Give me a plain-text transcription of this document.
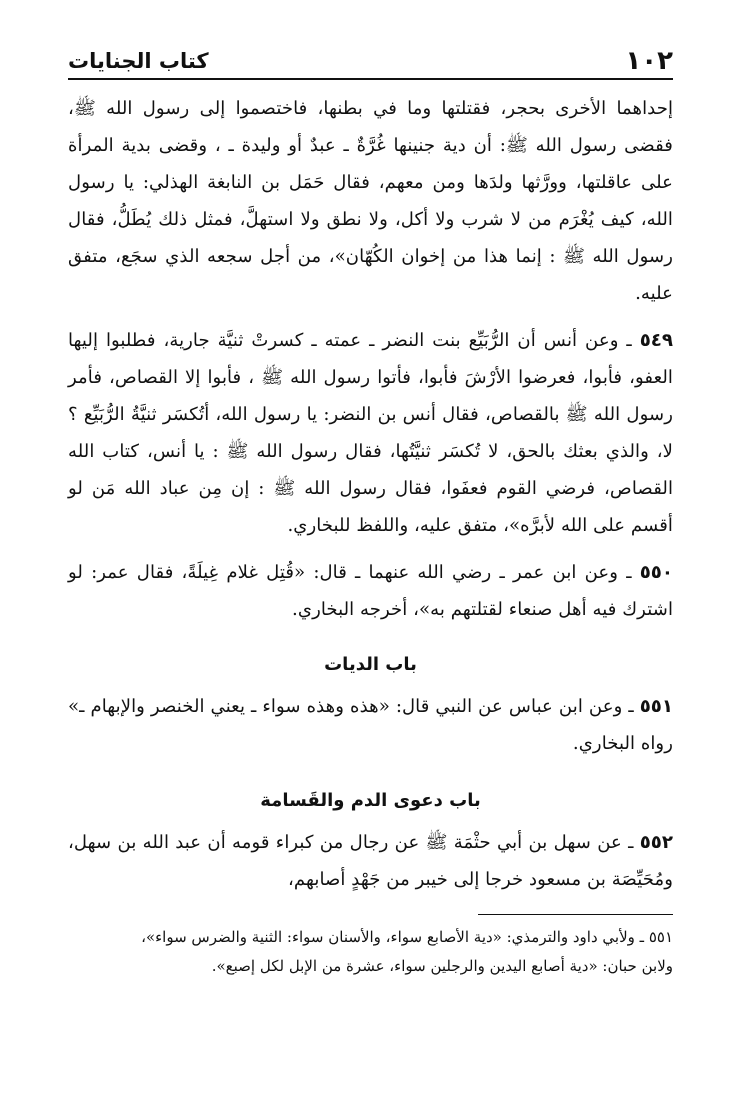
١٠٢
كتاب الجنايات

إحداهما الأخرى بحجر، فقتلتها وما في بطنها، فاختصموا إلى رسول الله ﷺ، فقضى رسول الله ﷺ: أن دية جنينها غُرَّةٌ ـ عبدٌ أو وليدة ـ ، وقضى بدية المرأة على عاقلتها، وورَّثها ولدَها ومن معهم، فقال حَمَل بن النابغة الهذلي: يا رسول الله، كيف يُغْرَم من لا شرب ولا أكل، ولا نطق ولا استهلَّ، فمثل ذلك يُطَلُّ، فقال رسول الله ﷺ : إنما هذا من إخوان الكُهّان»، من أجل سجعه الذي سجَع، متفق عليه.

٥٤٩ ـ وعن أنس أن الرُّبَيِّع بنت النضر ـ عمته ـ كسرتْ ثنيَّة جارية، فطلبوا إليها العفو، فأبوا، فعرضوا الأرْشَ فأبوا، فأتوا رسول الله ﷺ ، فأبوا إلا القصاص، فأمر رسول الله ﷺ بالقصاص، فقال أنس بن النضر: يا رسول الله، أتُكسَر ثنيَّةُ الرُّبَيِّع ؟ لا، والذي بعثك بالحق، لا تُكسَر ثنيَّتُها، فقال رسول الله ﷺ : يا أنس، كتاب الله القصاص، فرضي القوم فعفَوا، فقال رسول الله ﷺ : إن مِن عباد الله مَن لو أقسم على الله لأبرَّه»، متفق عليه، واللفظ للبخاري.

٥٥٠ ـ وعن ابن عمر ـ رضي الله عنهما ـ قال: «قُتِل غلام غِيلَةً، فقال عمر: لو اشترك فيه أهل صنعاء لقتلتهم به»، أخرجه البخاري.

باب الديات

٥٥١ ـ وعن ابن عباس عن النبي قال: «هذه وهذه سواء ـ يعني الخنصر والإبهام ـ» رواه البخاري.

باب دعوى الدم والقَسامة

٥٥٢ ـ عن سهل بن أبي حثْمَة ﷺ عن رجال من كبراء قومه أن عبد الله بن سهل، ومُحَيِّصَة بن مسعود خرجا إلى خيبر من جَهْدٍ أصابهم،

٥٥١ ـ ولأبي داود والترمذي: «دية الأصابع سواء، والأسنان سواء: الثنية والضرس سواء»،

ولابن حبان: «دية أصابع اليدين والرجلين سواء، عشرة من الإبل لكل إصبع».
